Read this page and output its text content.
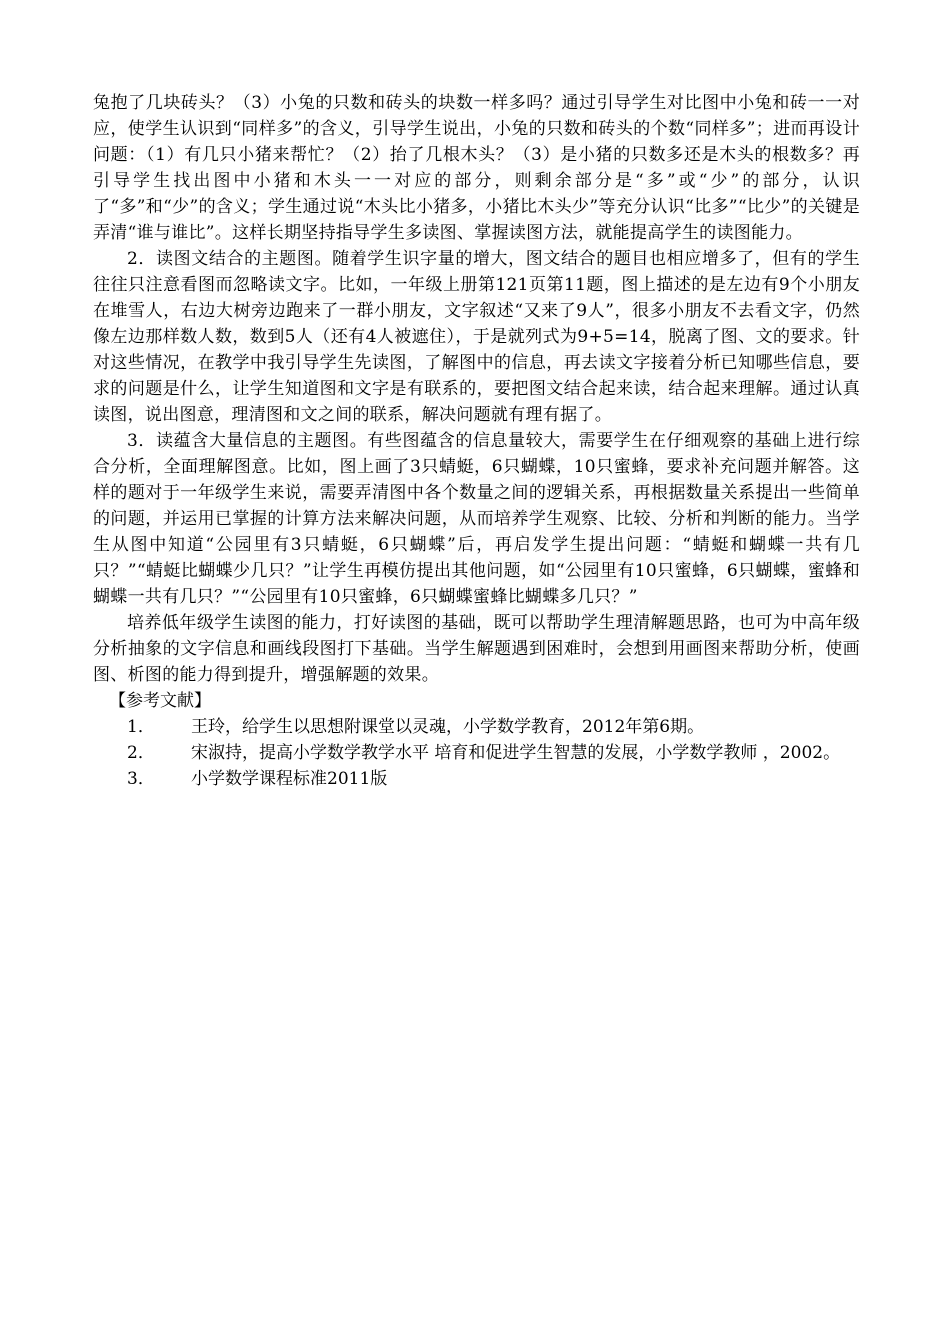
兔抱了几块砖头？（3）小兔的只数和砖头的块数一样多吗？通过引导学生对比图中小兔和砖一一对应，使学生认识到“同样多”的含义，引导学生说出，小兔的只数和砖头的个数“同样多”；进而再设计问题：（1）有几只小猪来帮忙？（2）抬了几根木头？（3）是小猪的只数多还是木头的根数多？再引导学生找出图中小猪和木头一一对应的部分，则剩余部分是“多”或“少”的部分，认识了“多”和“少”的含义；学生通过说“木头比小猪多，小猪比木头少”等充分认识“比多”“比少”的关键是弄清“谁与谁比”。这样长期坚持指导学生多读图、掌握读图方法，就能提高学生的读图能力。

2．读图文结合的主题图。随着学生识字量的增大，图文结合的题目也相应增多了，但有的学生往往只注意看图而忽略读文字。比如，一年级上册第121页第11题，图上描述的是左边有9个小朋友在堆雪人，右边大树旁边跑来了一群小朋友，文字叙述“又来了9人”，很多小朋友不去看文字，仍然像左边那样数人数，数到5人（还有4人被遮住），于是就列式为9+5=14，脱离了图、文的要求。针对这些情况，在教学中我引导学生先读图，了解图中的信息，再去读文字接着分析已知哪些信息，要求的问题是什么，让学生知道图和文字是有联系的，要把图文结合起来读，结合起来理解。通过认真读图，说出图意，理清图和文之间的联系，解决问题就有理有据了。

3．读蕴含大量信息的主题图。有些图蕴含的信息量较大，需要学生在仔细观察的基础上进行综合分析，全面理解图意。比如，图上画了3只蜻蜓，6只蝴蝶，10只蜜蜂，要求补充问题并解答。这样的题对于一年级学生来说，需要弄清图中各个数量之间的逻辑关系，再根据数量关系提出一些简单的问题，并运用已掌握的计算方法来解决问题，从而培养学生观察、比较、分析和判断的能力。当学生从图中知道“公园里有3只蜻蜓，6只蝴蝶”后，再启发学生提出问题：“蜻蜓和蝴蝶一共有几只？”“蜻蜓比蝴蝶少几只？”让学生再模仿提出其他问题，如“公园里有10只蜜蜂，6只蝴蝶，蜜蜂和蝴蝶一共有几只？”“公园里有10只蜜蜂，6只蝴蝶蜜蜂比蝴蝶多几只？”

培养低年级学生读图的能力，打好读图的基础，既可以帮助学生理清解题思路，也可为中高年级分析抽象的文字信息和画线段图打下基础。当学生解题遇到困难时，会想到用画图来帮助分析，使画图、析图的能力得到提升，增强解题的效果。

【参考文献】

1．	王玲，给学生以思想附课堂以灵魂，小学数学教育，2012年第6期。
2．	宋淑持，提高小学数学教学水平 培育和促进学生智慧的发展，小学数学教师 ，2002。
3．	小学数学课程标准2011版
